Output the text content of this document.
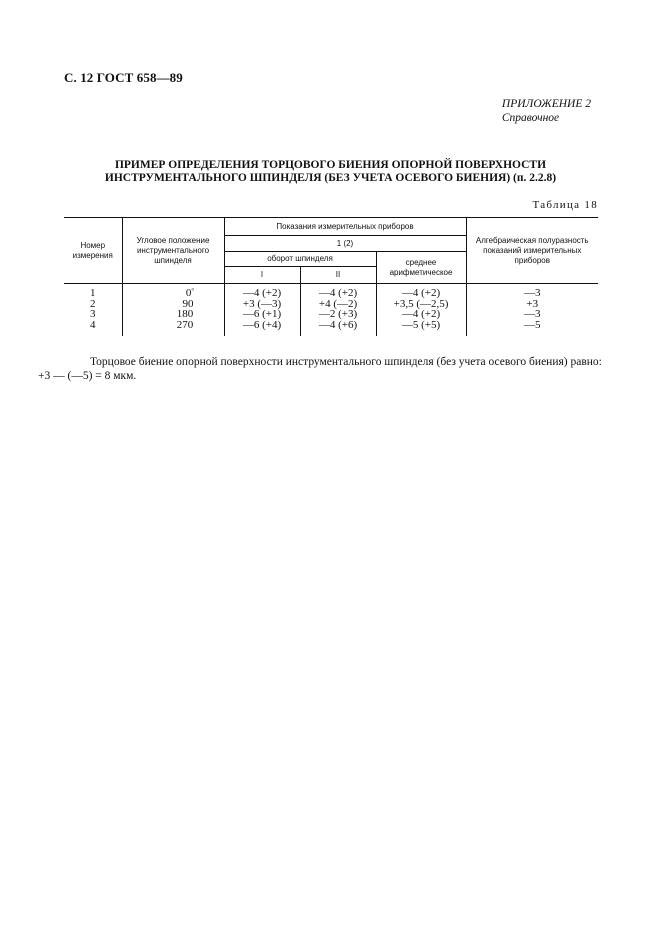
С. 12 ГОСТ 658—89
ПРИЛОЖЕНИЕ 2
Справочное
ПРИМЕР ОПРЕДЕЛЕНИЯ ТОРЦОВОГО БИЕНИЯ ОПОРНОЙ ПОВЕРХНОСТИ
ИНСТРУМЕНТАЛЬНОГО ШПИНДЕЛЯ (БЕЗ УЧЕТА ОСЕВОГО БИЕНИЯ) (п. 2.2.8)
Таблица 18
Номер измерения	Угловое положение инструментального шпинделя	Показания измерительных приборов			Алгебраическая полуразность показаний измерительных приборов
		1 (2)			
		оборот шпинделя		среднее арифметическое	
		I	II		
1	0°	—4 (+2)	—4 (+2)	—4 (+2)	—3
2	90	+3 (—3)	+4 (—2)	+3,5 (—2,5)	+3
3	180	—6 (+1)	—2 (+3)	—4 (+2)	—3
4	270	—6 (+4)	—4 (+6)	—5 (+5)	—5
Торцовое биение опорной поверхности инструментального шпинделя (без учета осевого биения) равно:
+3 — (—5) = 8 мкм.
